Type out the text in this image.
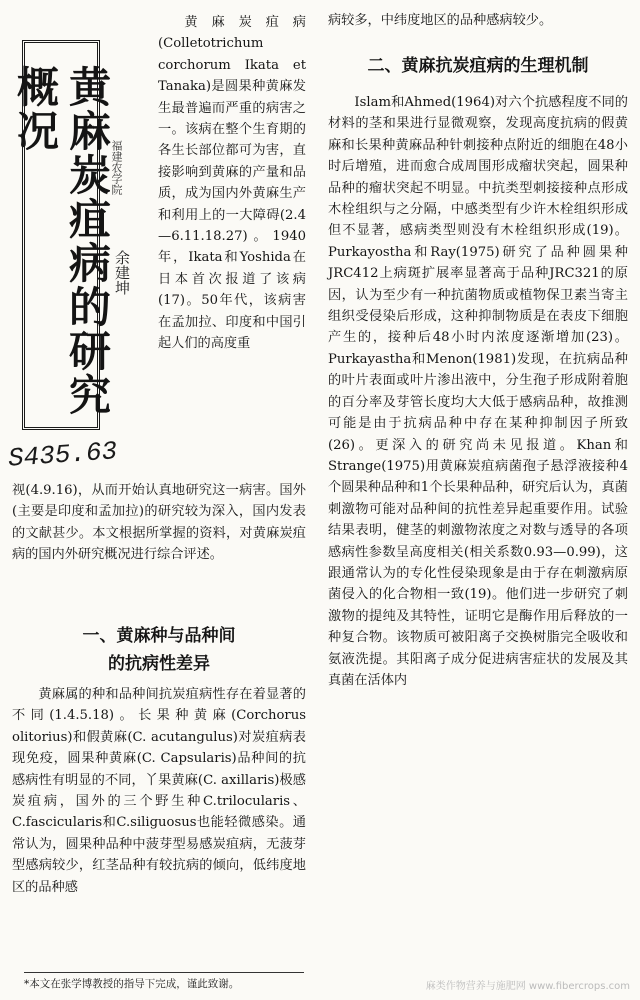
黄麻炭疽病的研究概况
福建农学院
余建坤
S435.63

黄麻炭疽病(Colletotrichum corchorum Ikata et Tanaka)是圆果种黄麻发生最普遍而严重的病害之一。该病在整个生育期的各生长部位都可为害，直接影响到黄麻的产量和品质，成为国内外黄麻生产和利用上的一大障碍(2.4—6.11.18.27)。1940年，Ikata和Yoshida在日本首次报道了该病(17)。50年代，该病害在孟加拉、印度和中国引起人们的高度重

视(4.9.16)，从而开始认真地研究这一病害。国外(主要是印度和孟加拉)的研究较为深入，国内发表的文献甚少。本文根据所掌握的资料，对黄麻炭疽病的国内外研究概况进行综合评述。

一、黄麻种与品种间
的抗病性差异

黄麻属的种和品种间抗炭疽病性存在着显著的不同(1.4.5.18)。长果种黄麻(Corchorus olitorius)和假黄麻(C. acutangulus)对炭疽病表现免疫，圆果种黄麻(C. Capsularis)品种间的抗感病性有明显的不同，丫果黄麻(C. axillaris)极感炭疽病，国外的三个野生种C.trilocularis、C.fascicularis和C.siliguosus也能轻微感染。通常认为，圆果种品种中菠芽型易感炭疽病，无菠芽型感病较少，红茎品种有较抗病的倾向，低纬度地区的品种感

*本文在张学博教授的指导下完成，谨此致谢。
病较多，中纬度地区的品种感病较少。
二、黄麻抗炭疽病的生理机制

Islam和Ahmed(1964)对六个抗感程度不同的材料的茎和果进行显微观察，发现高度抗病的假黄麻和长果种黄麻品种针刺接种点附近的细胞在48小时后增殖，进而愈合成周围形成瘤状突起，圆果种品种的瘤状突起不明显。中抗类型刺接接种点形成木栓组织与之分隔，中感类型有少许木栓组织形成但不显著，感病类型则没有木栓组织形成(19)。Purkayostha和Ray(1975)研究了品种圆果种JRC412上病斑扩展率显著高于品种JRC321的原因，认为至少有一种抗菌物质或植物保卫素当寄主组织受侵染后形成，这种抑制物质是在表皮下细胞产生的，接种后48小时内浓度逐渐增加(23)。Purkayastha和Menon(1981)发现，在抗病品种的叶片表面或叶片渗出液中，分生孢子形成附着胞的百分率及芽管长度均大大低于感病品种，故推测可能是由于抗病品种中存在某种抑制因子所致(26)。更深入的研究尚未见报道。Khan和Strange(1975)用黄麻炭疽病菌孢子悬浮液接种4个圆果种品种和1个长果种品种，研究后认为，真菌刺激物可能对品种间的抗性差异起重要作用。试验结果表明，健茎的刺激物浓度之对数与透导的各项感病性参数呈高度相关(相关系数0.93—0.99)，这跟通常认为的专化性侵染现象是由于存在刺激病原菌侵入的化合物相一致(19)。他们进一步研究了刺激物的提纯及其特性，证明它是酶作用后释放的一种复合物。该物质可被阳离子交换树脂完全吸收和氨液洗提。其阳离子成分促进病害症状的发展及其真菌在活体内

麻类作物营养与施肥网 www.fibercrops.com
